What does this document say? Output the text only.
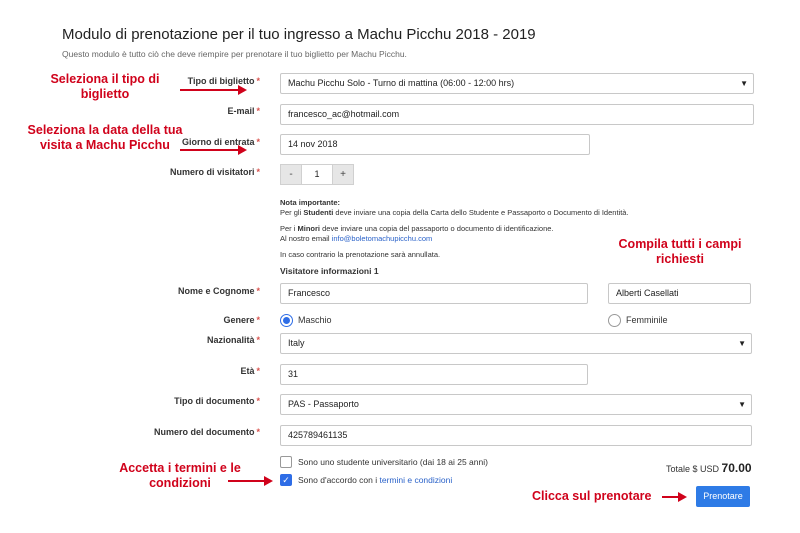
Modulo di prenotazione per il tuo ingresso a Machu Picchu 2018 - 2019
Questo modulo è tutto ciò che deve riempire per prenotare il tuo biglietto per Machu Picchu.
Seleziona il tipo di biglietto
Seleziona la data della tua visita a Machu Picchu
Compila tutti i campi richiesti
Accetta i termini e le condizioni
Clicca sul prenotare
Tipo di biglietto *	Machu Picchu Solo - Turno di mattina (06:00 - 12:00 hrs)	▼
E-mail *	francesco_ac@hotmail.com
Giorno di entrata *	14 nov 2018
Numero di visitatori *	-	1	+
Nota importante:
Per gli Studenti deve inviare una copia della Carta dello Studente e Passaporto o Documento di Identità.
Per i Minori deve inviare una copia del passaporto o documento di identificazione.
Al nostro email info@boletomachupicchu.com
In caso contrario la prenotazione sarà annullata.
Visitatore informazioni 1
Nome e Cognome *	Francesco	Alberti Casellati
Genere *	Maschio	Femminile
Nazionalità *	Italy	▼
Età *	31
Tipo di documento *	PAS - Passaporto	▼
Numero del documento *	425789461135
Sono uno studente universitario (dai 18 ai 25 anni)
✓ Sono d'accordo con i termini e condizioni
Totale $ USD 70.00
Prenotare
